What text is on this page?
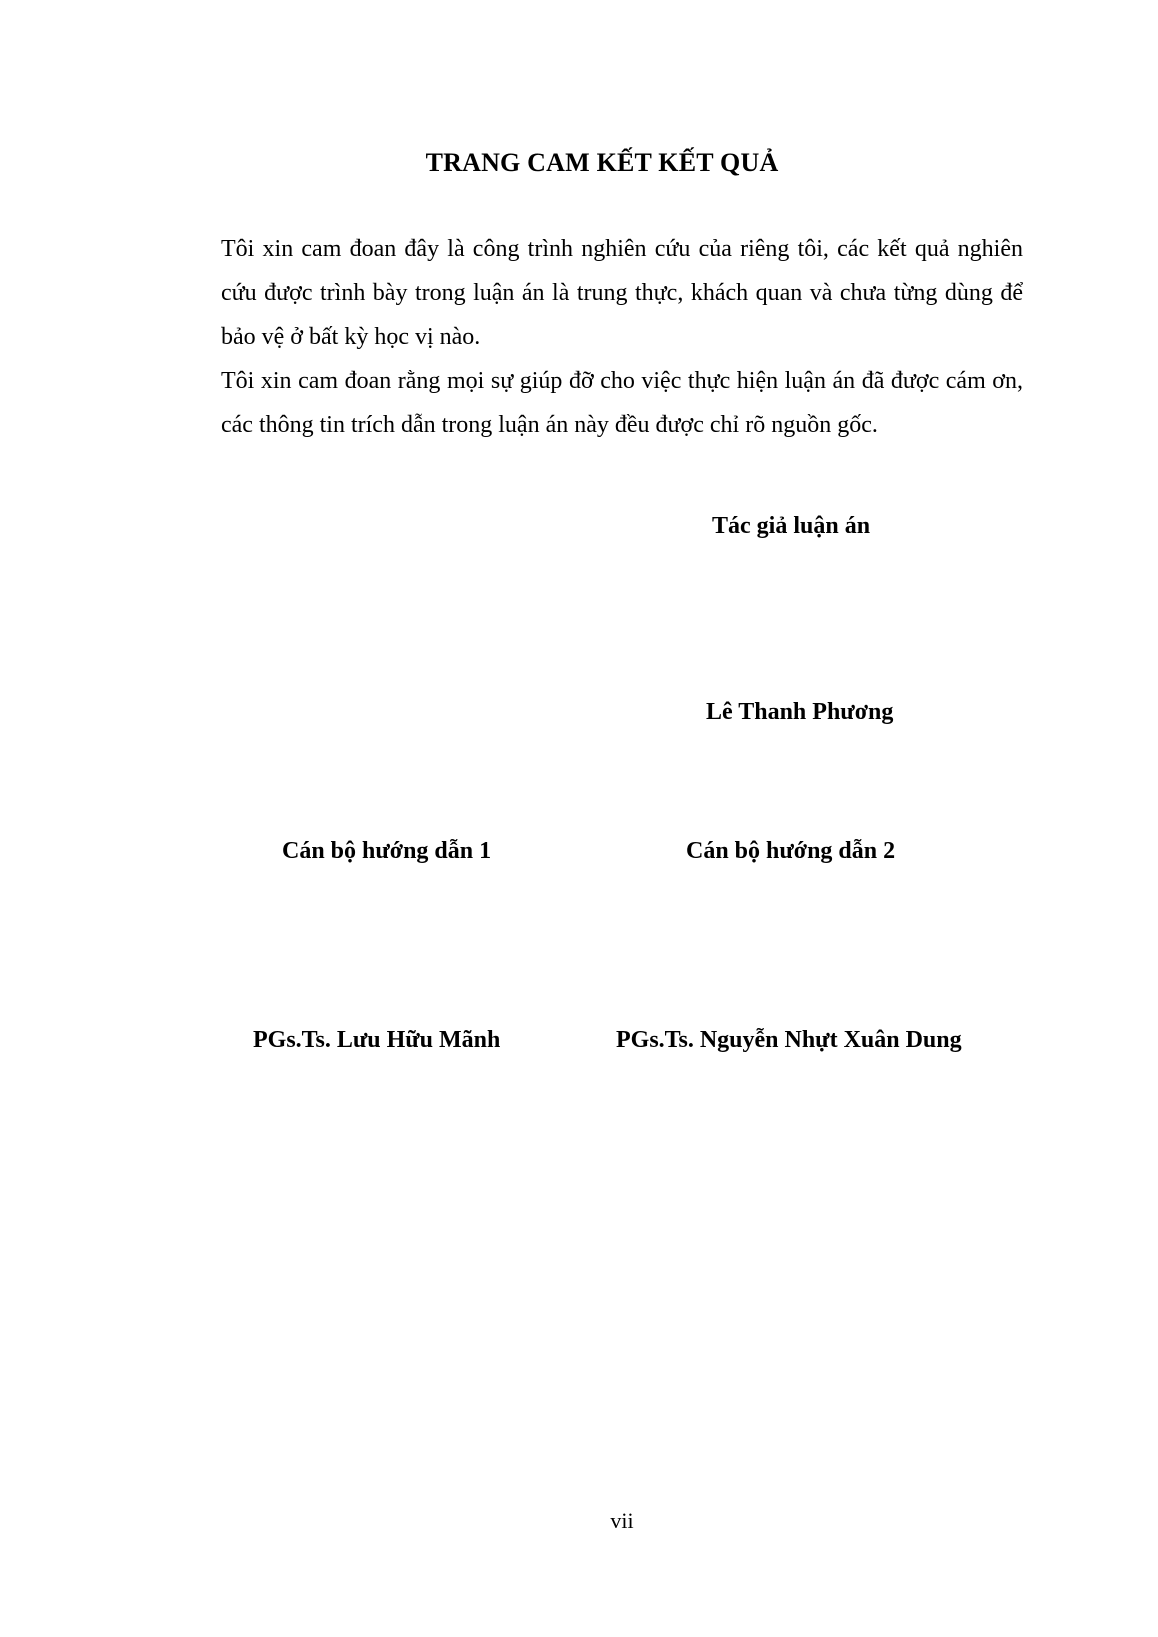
TRANG CAM KẾT KẾT QUẢ

Tôi xin cam đoan đây là công trình nghiên cứu của riêng tôi, các kết quả nghiên cứu được trình bày trong luận án là trung thực, khách quan và chưa từng dùng để bảo vệ ở bất kỳ học vị nào.

Tôi xin cam đoan rằng mọi sự giúp đỡ cho việc thực hiện luận án đã được cám ơn, các thông tin trích dẫn trong luận án này đều được chỉ rõ nguồn gốc.

Tác giả luận án
Lê Thanh Phương
Cán bộ hướng dẫn 1	Cán bộ hướng dẫn 2
PGs.Ts. Lưu Hữu Mãnh	PGs.Ts. Nguyễn Nhựt Xuân Dung
vii
